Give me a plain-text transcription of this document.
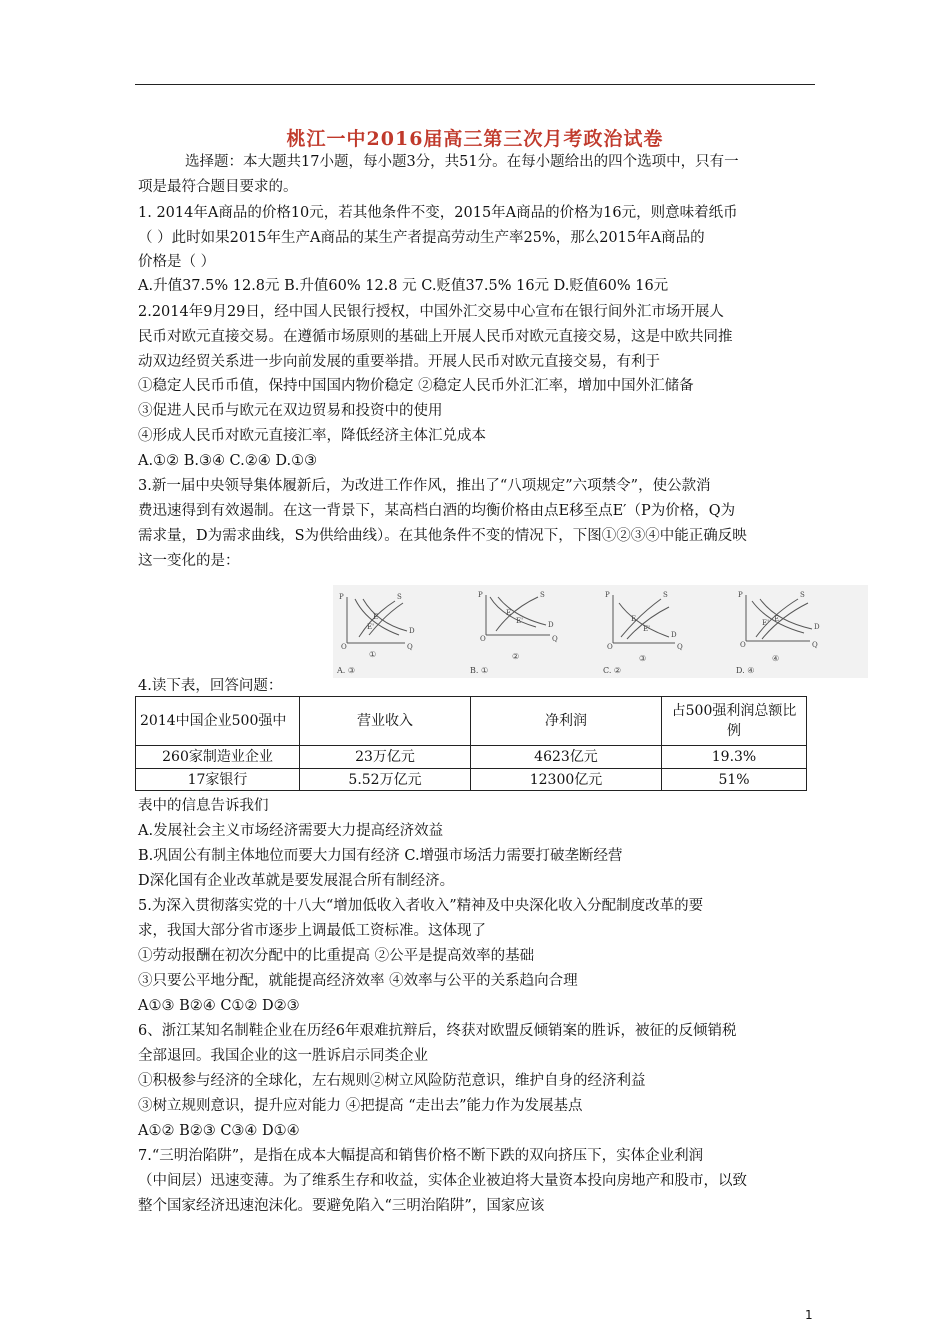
桃江一中2016届高三第三次月考政治试卷
选择题：本大题共17小题，每小题3分，共51分。在每小题给出的四个选项中，只有一
项是最符合题目要求的。
1. 2014年A商品的价格10元，若其他条件不变，2015年A商品的价格为16元，则意味着纸币
（ ）此时如果2015年生产A商品的某生产者提高劳动生产率25%，那么2015年A商品的
价格是（ ）
A.升值37.5% 12.8元 B.升值60% 12.8 元 C.贬值37.5% 16元 D.贬值60% 16元
2.2014年9月29日，经中国人民银行授权，中国外汇交易中心宣布在银行间外汇市场开展人
民币对欧元直接交易。在遵循市场原则的基础上开展人民币对欧元直接交易，这是中欧共同推
动双边经贸关系进一步向前发展的重要举措。开展人民币对欧元直接交易，有利于
①稳定人民币币值，保持中国国内物价稳定 ②稳定人民币外汇汇率，增加中国外汇储备
③促进人民币与欧元在双边贸易和投资中的使用
④形成人民币对欧元直接汇率，降低经济主体汇兑成本
A.①② B.③④ C.②④ D.①③
3.新一届中央领导集体履新后，为改进工作作风，推出了“八项规定”六项禁令”，使公款消
费迅速得到有效遏制。在这一背景下，某高档白酒的均衡价格由点E移至点E′（P为价格，Q为
需求量，D为需求曲线，S为供给曲线）。在其他条件不变的情况下，下图①②③④中能正确反映
这一变化的是：
P
Q
O
S
D
E
E'
①
A. ③
P
Q
O
S
D
E
E'
②
B. ①
P
Q
O
S
D
E
E'
③
C. ②
P
Q
O
S
D
E
E'
④
D. ④
4.读下表，回答问题：
2014中国企业500强中	营业收入	净利润	占500强利润总额比例
260家制造业企业	23万亿元	4623亿元	19.3%
17家银行	5.52万亿元	12300亿元	51%
表中的信息告诉我们
A.发展社会主义市场经济需要大力提高经济效益
B.巩固公有制主体地位而要大力国有经济 C.增强市场活力需要打破垄断经营
D深化国有企业改革就是要发展混合所有制经济。
5.为深入贯彻落实党的十八大“增加低收入者收入”精神及中央深化收入分配制度改革的要
求，我国大部分省市逐步上调最低工资标准。这体现了
①劳动报酬在初次分配中的比重提高 ②公平是提高效率的基础
③只要公平地分配，就能提高经济效率 ④效率与公平的关系趋向合理
A①③ B②④ C①② D②③
6、浙江某知名制鞋企业在历经6年艰难抗辩后，终获对欧盟反倾销案的胜诉，被征的反倾销税
全部退回。我国企业的这一胜诉启示同类企业
①积极参与经济的全球化，左右规则②树立风险防范意识，维护自身的经济利益
③树立规则意识，提升应对能力 ④把提高 “走出去”能力作为发展基点
A①② B②③ C③④ D①④
7.“三明治陷阱”，是指在成本大幅提高和销售价格不断下跌的双向挤压下，实体企业利润
（中间层）迅速变薄。为了维系生存和收益，实体企业被迫将大量资本投向房地产和股市，以致
整个国家经济迅速泡沫化。要避免陷入“三明治陷阱”，国家应该
1
